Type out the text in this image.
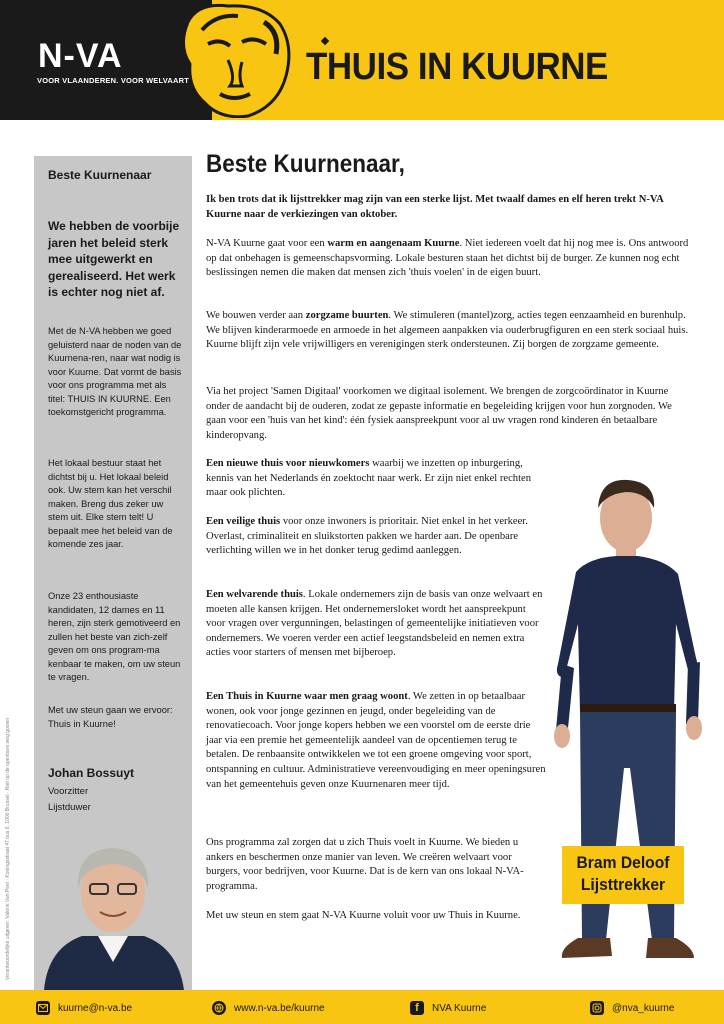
N-VA
VOOR VLAANDEREN. VOOR WELVAART	THUIS IN KUURNE
Verantwoordelijke uitgever: Valérie Van Peel · Koningsstraat 47 bus 6, 1000 Brussel · Niet op de openbare weg gooien
Beste Kuurnenaar
We hebben de voorbije jaren het beleid sterk mee uitgewerkt en gerealiseerd. Het werk is echter nog niet af.
Met de N-VA hebben we goed geluisterd naar de noden van de Kuurnena-ren, naar wat nodig is voor Kuurne. Dat vormt de basis voor ons programma met als titel: THUIS IN KUURNE. Een toekomstgericht programma.
Het lokaal bestuur staat het dichtst bij u. Het lokaal beleid ook. Uw stem kan het verschil maken. Breng dus zeker uw stem uit. Elke stem telt! U bepaalt mee het beleid van de komende zes jaar.
Onze 23 enthousiaste kandidaten, 12 dames en 11 heren, zijn sterk gemotiveerd en zullen het beste van zich-zelf geven om ons program-ma kenbaar te maken, om uw steun te vragen.
Met uw steun gaan we ervoor: Thuis in Kuurne!
Johan Bossuyt
Voorzitter
Lijstduwer
Beste Kuurnenaar,
Ik ben trots dat ik lijsttrekker mag zijn van een sterke lijst. Met twaalf dames en elf heren trekt N-VA Kuurne naar de verkiezingen van oktober.
N-VA Kuurne gaat voor een warm en aangenaam Kuurne. Niet iedereen voelt dat hij nog mee is. Ons antwoord op dat onbehagen is gemeenschapsvorming. Lokale besturen staan het dichtst bij de burger. Ze kunnen nog echt beslissingen nemen die maken dat mensen zich 'thuis voelen' in de eigen buurt.
We bouwen verder aan zorgzame buurten. We stimuleren (mantel)zorg, acties tegen eenzaamheid en burenhulp. We blijven kinderarmoede en armoede in het algemeen aanpakken via ouderbrugfiguren en een sterk sociaal huis. Kuurne blijft zijn vele vrijwilligers en verenigingen sterk ondersteunen. Zij borgen de zorgzame gemeente.
Via het project 'Samen Digitaal' voorkomen we digitaal isolement. We brengen de zorgcoördinator in Kuurne onder de aandacht bij de ouderen, zodat ze gepaste informatie en begeleiding krijgen voor hun zorgnoden. We gaan voor een 'huis van het kind': één fysiek aanspreekpunt voor al uw vragen rond kinderen én betaalbare kinderopvang.
Een nieuwe thuis voor nieuwkomers waarbij we inzetten op inburgering, kennis van het Nederlands én zoektocht naar werk. Er zijn niet enkel rechten maar ook plichten.
Een veilige thuis voor onze inwoners is prioritair. Niet enkel in het verkeer. Overlast, criminaliteit en sluikstorten pakken we harder aan. De openbare verlichting willen we in het donker terug gedimd aanleggen.
Een welvarende thuis. Lokale ondernemers zijn de basis van onze welvaart en moeten alle kansen krijgen. Het ondernemersloket wordt het aanspreekpunt voor vragen over vergunningen, belastingen of gemeentelijke initiatieven voor ondernemers. We voeren verder een actief leegstandsbeleid en nemen extra acties voor starters of mensen met bijberoep.
Een Thuis in Kuurne waar men graag woont. We zetten in op betaalbaar wonen, ook voor jonge gezinnen en jeugd, onder begeleiding van de renovatiecoach. Voor jonge kopers hebben we een voorstel om de eerste drie jaar via een premie het gemeentelijk aandeel van de opcentiemen terug te betalen. De renbaansite ontwikkelen we tot een groene omgeving voor sport, ontspanning en cultuur. Administratieve vereenvoudiging en meer openingsuren van het gemeentehuis geven onze Kuurnenaren meer tijd.
Ons programma zal zorgen dat u zich Thuis voelt in Kuurne. We bieden u ankers en beschermen onze manier van leven. We creëren welvaart voor burgers, voor bedrijven, voor Kuurne. Dat is de kern van ons lokaal N-VA-programma.
Met uw steun en stem gaat N-VA Kuurne voluit voor uw Thuis in Kuurne.
Bram Deloof
Lijsttrekker
kuurne@n-va.be	www.n-va.be/kuurne	f NVA Kuurne	@nva_kuurne
